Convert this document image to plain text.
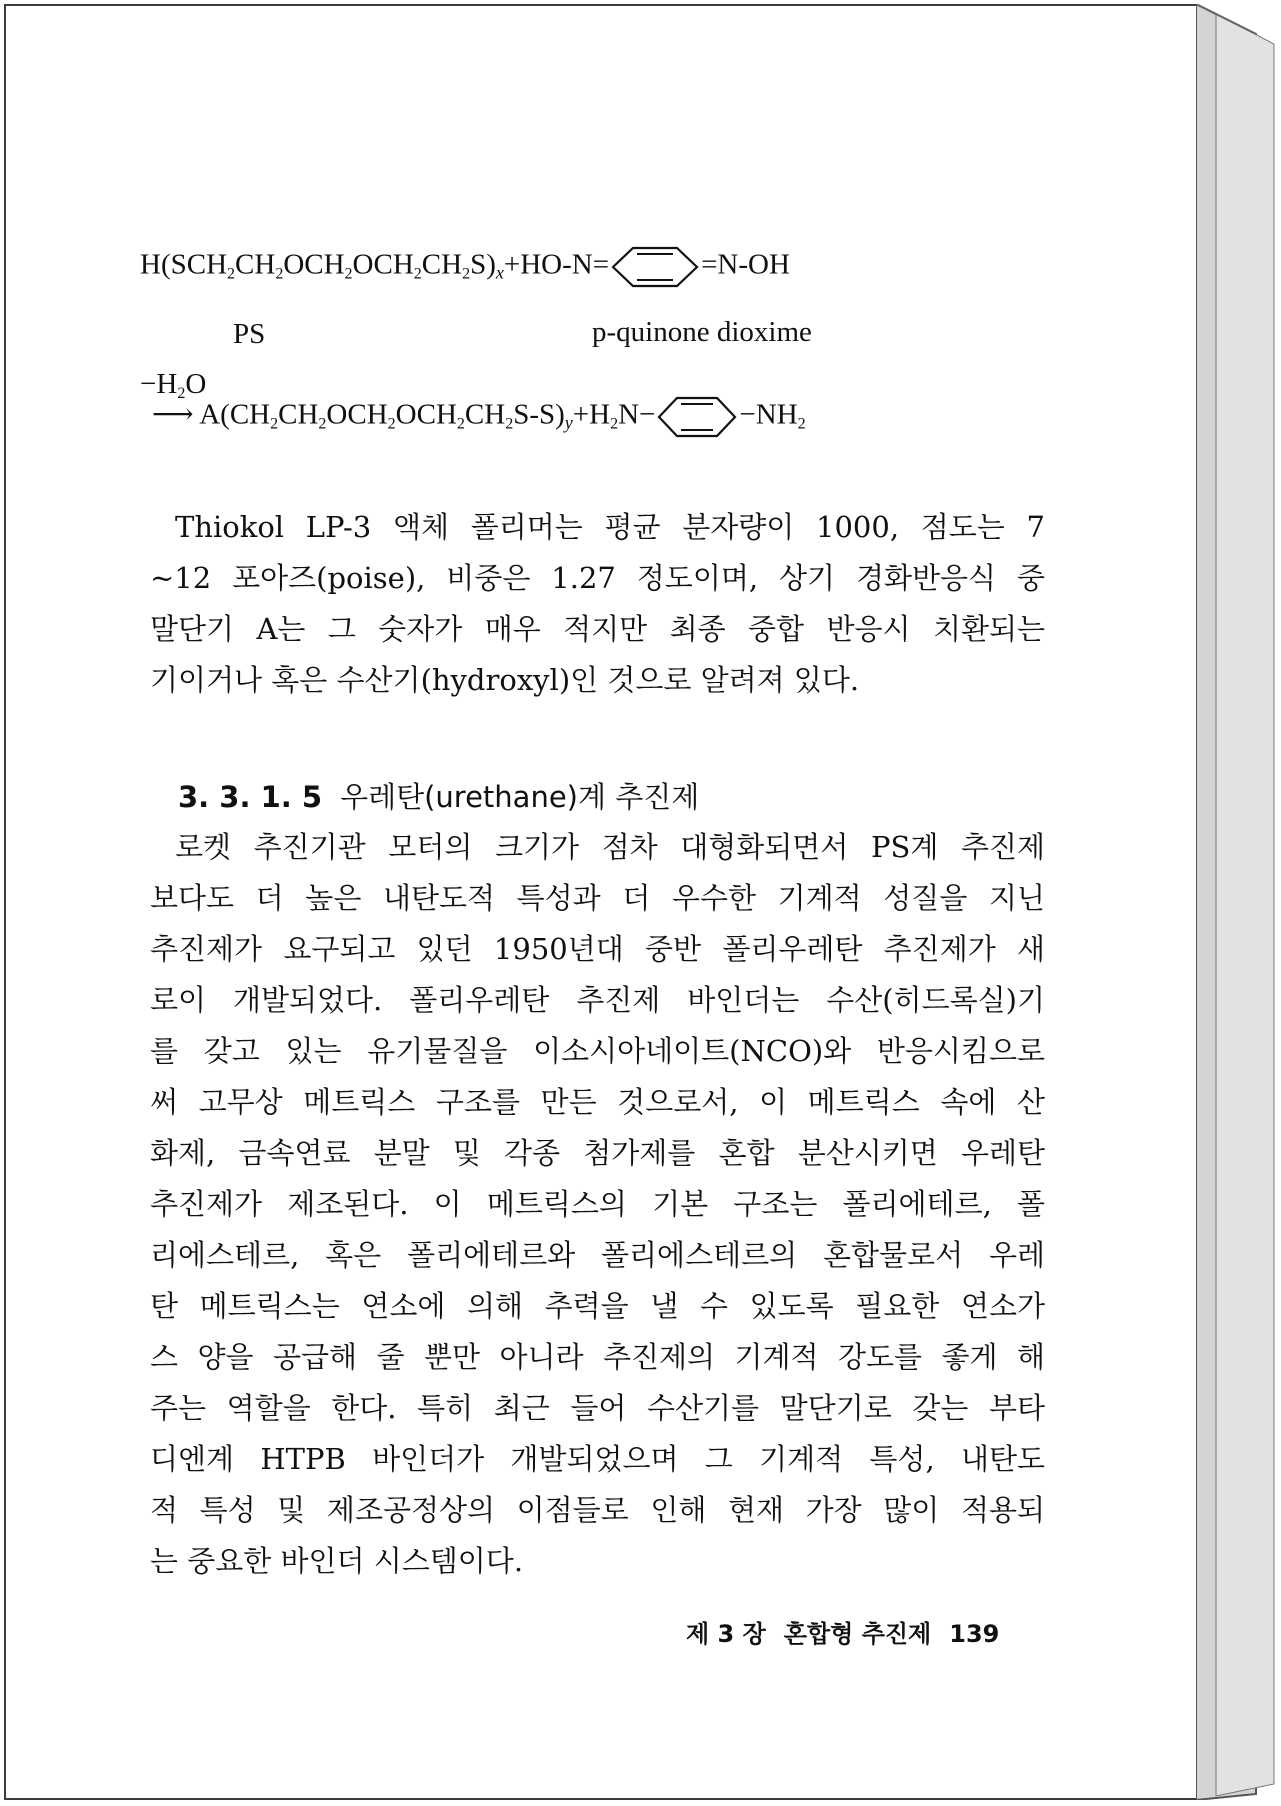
$H(SCH_2CH_2OCH_2OCH_2CH_2S)x+HO-N=$	=N-OH
PS	p-quinone dioxime
$-H_2O$
⟶ $A(CH_2CH_2OCH_2OCH_2CH_2S-S)y+H_2N-$	$-NH_2$
Thiokol LP-3 액체 폴리머는 평균 분자량이 1000, 점도는 7
~12 포아즈(poise), 비중은 1.27 정도이며, 상기 경화반응식 중
말단기 A는 그 숫자가 매우 적지만 최종 중합 반응시 치환되는
기이거나 혹은 수산기(hydroxyl)인 것으로 알려져 있다.
3. 3. 1. 5 우레탄(urethane)계 추진제
로켓 추진기관 모터의 크기가 점차 대형화되면서 PS계 추진제
보다도 더 높은 내탄도적 특성과 더 우수한 기계적 성질을 지닌
추진제가 요구되고 있던 1950년대 중반 폴리우레탄 추진제가 새
로이 개발되었다. 폴리우레탄 추진제 바인더는 수산(히드록실)기
를 갖고 있는 유기물질을 이소시아네이트(NCO)와 반응시킴으로
써 고무상 메트릭스 구조를 만든 것으로서, 이 메트릭스 속에 산
화제, 금속연료 분말 및 각종 첨가제를 혼합 분산시키면 우레탄
추진제가 제조된다. 이 메트릭스의 기본 구조는 폴리에테르, 폴
리에스테르, 혹은 폴리에테르와 폴리에스테르의 혼합물로서 우레
탄 메트릭스는 연소에 의해 추력을 낼 수 있도록 필요한 연소가
스 양을 공급해 줄 뿐만 아니라 추진제의 기계적 강도를 좋게 해
주는 역할을 한다. 특히 최근 들어 수산기를 말단기로 갖는 부타
디엔계 HTPB 바인더가 개발되었으며 그 기계적 특성, 내탄도
적 특성 및 제조공정상의 이점들로 인해 현재 가장 많이 적용되
는 중요한 바인더 시스템이다.
제 3 장 혼합형 추진제 139
